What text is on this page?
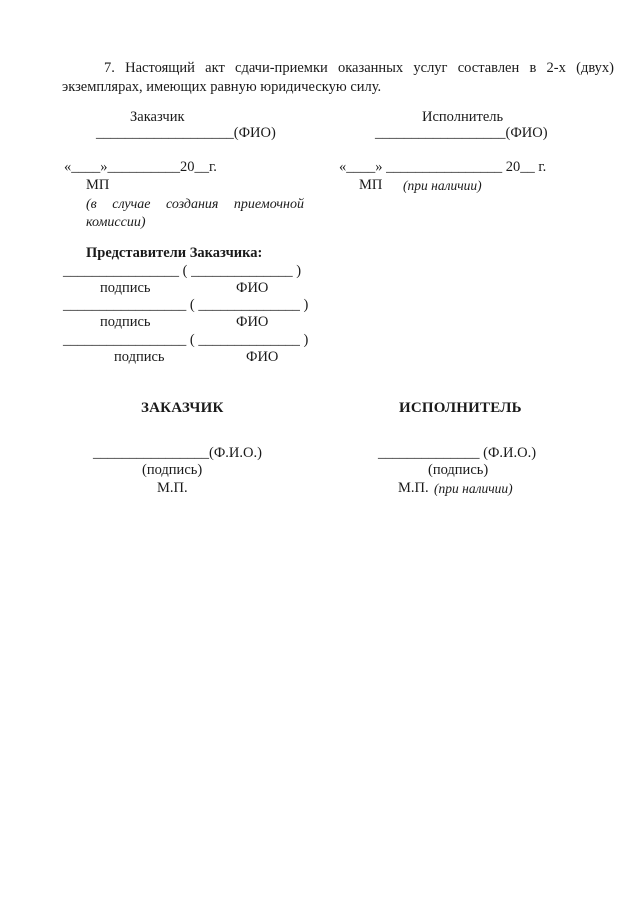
7. Настоящий акт сдачи-приемки оказанных услуг составлен в 2-х (двух) экземплярах, имеющих равную юридическую силу.
Заказчик	Исполнитель
___________________(ФИО)	__________________(ФИО)
«____»__________20__г.	«____» ________________ 20__ г.
МП	МП (при наличии)
(в случае создания приемочной
комиссии)
Представители Заказчика:
________________ ( ______________ )
подпись	ФИО
_________________ ( ______________ )
подпись	ФИО
_________________ ( ______________ )
подпись	ФИО
ЗАКАЗЧИК	ИСПОЛНИТЕЛЬ
________________(Ф.И.О.)	______________ (Ф.И.О.)
(подпись)	(подпись)
М.П.	М.П. (при наличии)
